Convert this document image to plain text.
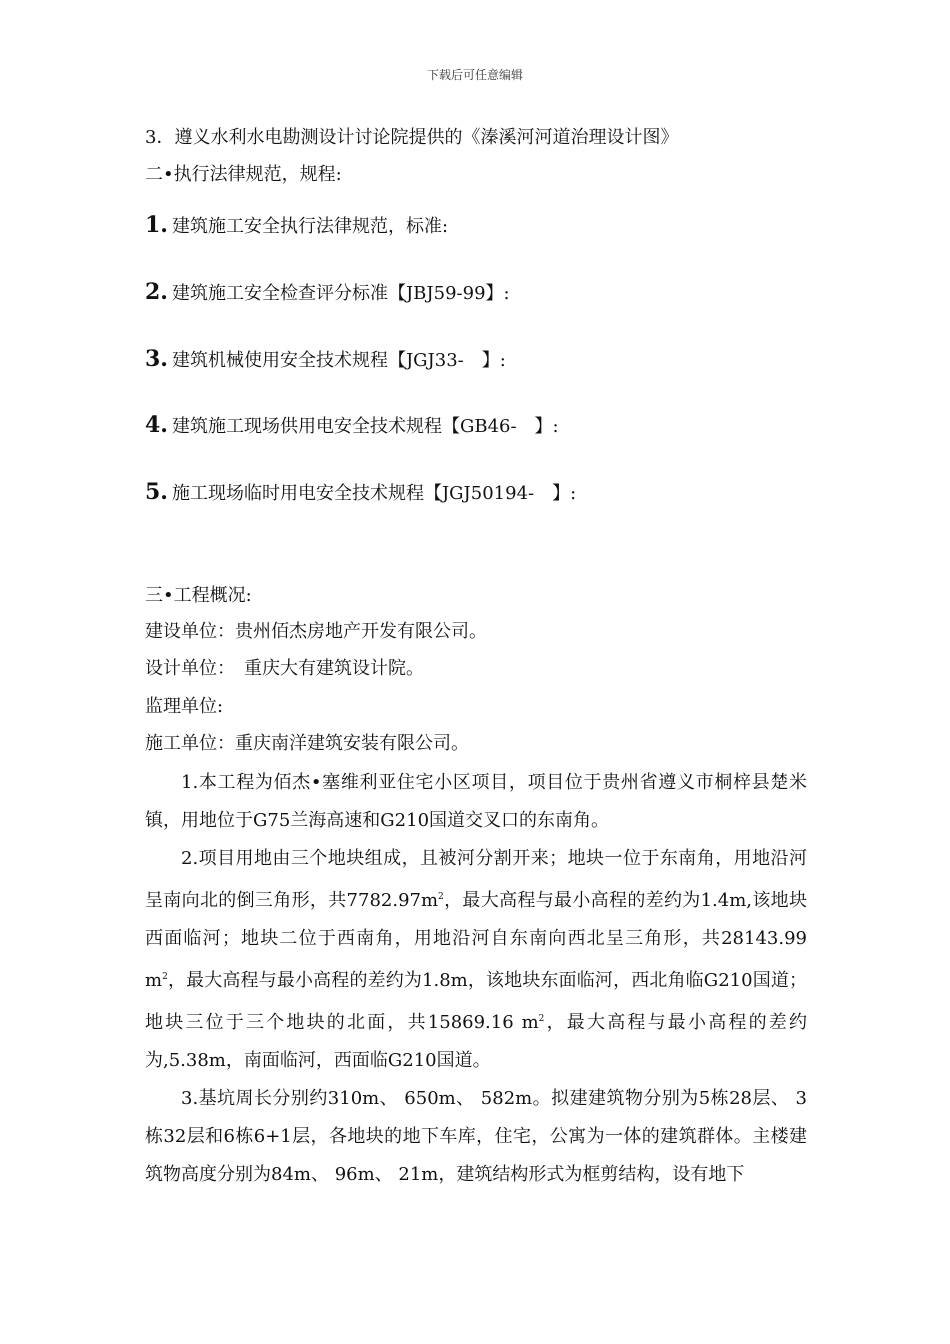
下载后可任意编辑
3．遵义水利水电勘测设计讨论院提供的《溱溪河河道治理设计图》
二•执行法律规范，规程:
1. 建筑施工安全执行法律规范，标准:
2. 建筑施工安全检查评分标准【JBJ59-99】:
3. 建筑机械使用安全技术规程【JGJ33-　】:
4. 建筑施工现场供用电安全技术规程【GB46-　】:
5. 施工现场临时用电安全技术规程【JGJ50194-　】:
三•工程概况:
建设单位：贵州佰杰房地产开发有限公司。
设计单位：　重庆大有建筑设计院。
监理单位:
施工单位：重庆南洋建筑安装有限公司。

1.本工程为佰杰•塞维利亚住宅小区项目，项目位于贵州省遵义市桐梓县楚米镇，用地位于G75兰海高速和G210国道交叉口的东南角。

2.项目用地由三个地块组成，且被河分割开来；地块一位于东南角，用地沿河呈南向北的倒三角形，共$7782.97m^2$，最大高程与最小高程的差约为1.4m,该地块西面临河；地块二位于西南角，用地沿河自东南向西北呈三角形，共28143.99 $m^2$，最大高程与最小高程的差约为1.8m，该地块东面临河，西北角临G210国道；地块三位于三个地块的北面，共15869.16 $m^2$，最大高程与最小高程的差约为,5.38m，南面临河，西面临G210国道。

3.基坑周长分别约310m、 650m、 582m。拟建建筑物分别为5栋28层、 3栋32层和6栋6+1层，各地块的地下车库，住宅，公寓为一体的建筑群体。主楼建筑物高度分别为84m、 96m、 21m，建筑结构形式为框剪结构，设有地下
